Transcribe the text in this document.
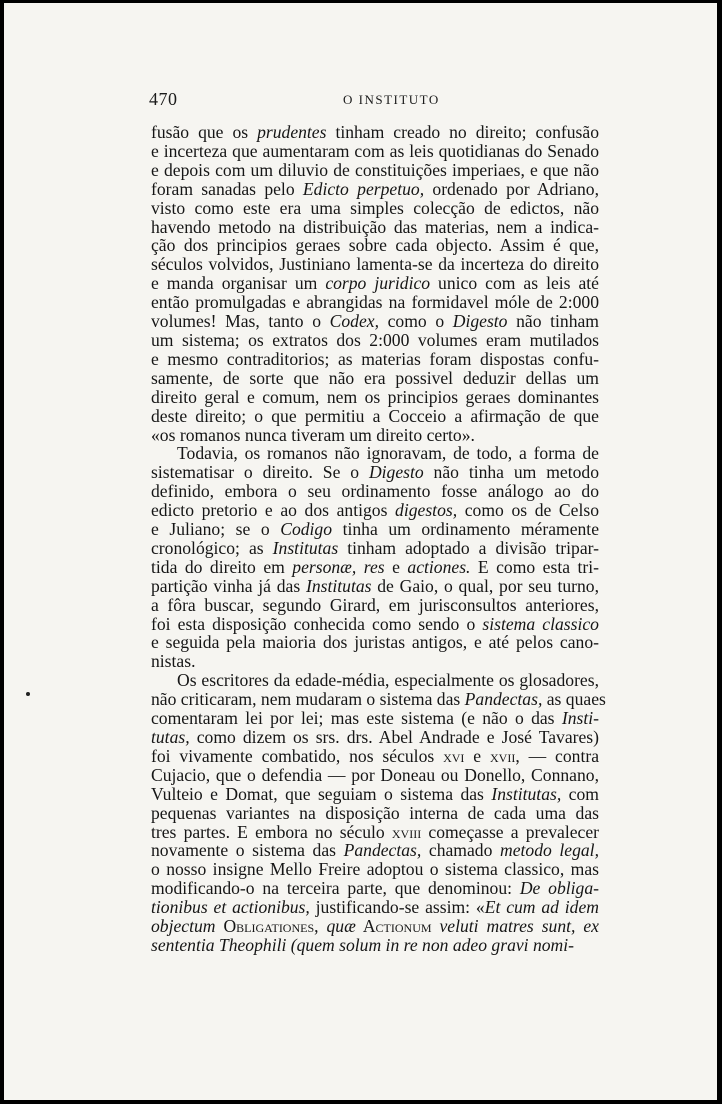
470	O INSTITUTO
fusão que os prudentes tinham creado no direito; confusão
e incerteza que aumentaram com as leis quotidianas do Senado
e depois com um diluvio de constituições imperiaes, e que não
foram sanadas pelo Edicto perpetuo, ordenado por Adriano,
visto como este era uma simples colecção de edictos, não
havendo metodo na distribuição das materias, nem a indica-
ção dos principios geraes sobre cada objecto. Assim é que,
séculos volvidos, Justiniano lamenta-se da incerteza do direito
e manda organisar um corpo juridico unico com as leis até
então promulgadas e abrangidas na formidavel móle de 2:000
volumes! Mas, tanto o Codex, como o Digesto não tinham
um sistema; os extratos dos 2:000 volumes eram mutilados
e mesmo contraditorios; as materias foram dispostas confu-
samente, de sorte que não era possivel deduzir dellas um
direito geral e comum, nem os principios geraes dominantes
deste direito; o que permitiu a Cocceio a afirmação de que
«os romanos nunca tiveram um direito certo».
Todavia, os romanos não ignoravam, de todo, a forma de
sistematisar o direito. Se o Digesto não tinha um metodo
definido, embora o seu ordinamento fosse análogo ao do
edicto pretorio e ao dos antigos digestos, como os de Celso
e Juliano; se o Codigo tinha um ordinamento méramente
cronológico; as Institutas tinham adoptado a divisão tripar-
tida do direito em personæ, res e actiones. E como esta tri-
partição vinha já das Institutas de Gaio, o qual, por seu turno,
a fôra buscar, segundo Girard, em jurisconsultos anteriores,
foi esta disposição conhecida como sendo o sistema classico
e seguida pela maioria dos juristas antigos, e até pelos cano-
nistas.
Os escritores da edade-média, especialmente os glosadores,
não criticaram, nem mudaram o sistema das Pandectas, as quaes
comentaram lei por lei; mas este sistema (e não o das Insti-
tutas, como dizem os srs. drs. Abel Andrade e José Tavares)
foi vivamente combatido, nos séculos xvi e xvii, — contra
Cujacio, que o defendia — por Doneau ou Donello, Connano,
Vulteio e Domat, que seguiam o sistema das Institutas, com
pequenas variantes na disposição interna de cada uma das
tres partes. E embora no século xviii começasse a prevalecer
novamente o sistema das Pandectas, chamado metodo legal,
o nosso insigne Mello Freire adoptou o sistema classico, mas
modificando-o na terceira parte, que denominou: De obliga-
tionibus et actionibus, justificando-se assim: «Et cum ad idem
objectum Obligationes, quæ Actionum veluti matres sunt, ex
sententia Theophili (quem solum in re non adeo gravi nomi-
